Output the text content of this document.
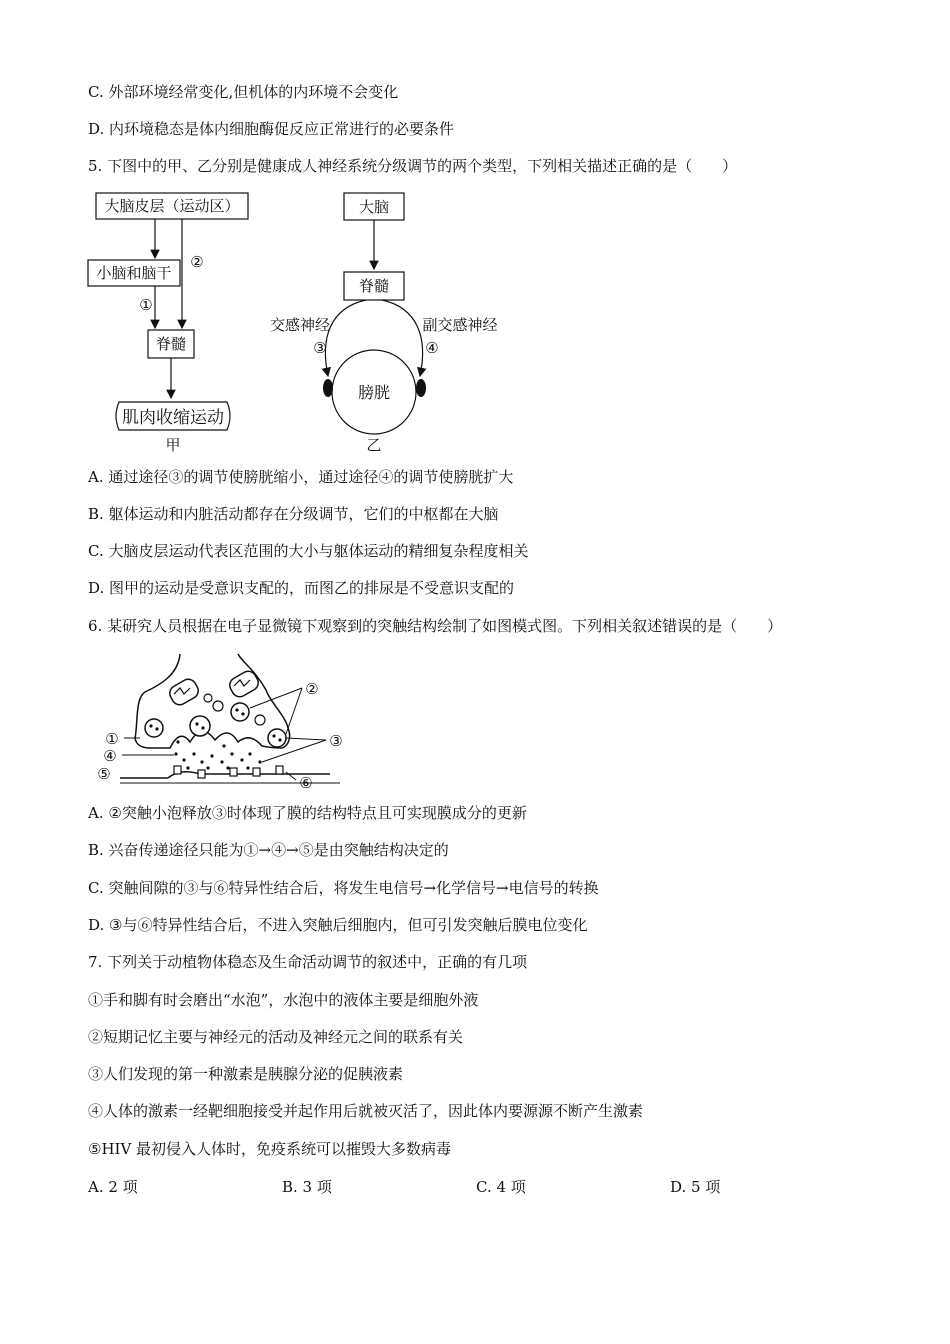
C. 外部环境经常变化,但机体的内环境不会变化
D. 内环境稳态是体内细胞酶促反应正常进行的必要条件
5. 下图中的甲、乙分别是健康成人神经系统分级调节的两个类型，下列相关描述正确的是（　　）
大脑皮层（运动区）
②
小脑和脑干
①
脊髓
肌肉收缩运动
甲
大脑
脊髓
交感神经	副交感神经
③	④
膀胱
乙
A. 通过途径③的调节使膀胱缩小，通过途径④的调节使膀胱扩大
B. 躯体运动和内脏活动都存在分级调节，它们的中枢都在大脑
C. 大脑皮层运动代表区范围的大小与躯体运动的精细复杂程度相关
D. 图甲的运动是受意识支配的，而图乙的排尿是不受意识支配的
6. 某研究人员根据在电子显微镜下观察到的突触结构绘制了如图模式图。下列相关叙述错误的是（　　）
①
②
③
④
⑤	⑥
A. ②突触小泡释放③时体现了膜的结构特点且可实现膜成分的更新
B. 兴奋传递途径只能为①→④→⑤是由突触结构决定的
C. 突触间隙的③与⑥特异性结合后，将发生电信号→化学信号→电信号的转换
D. ③与⑥特异性结合后，不进入突触后细胞内，但可引发突触后膜电位变化
7. 下列关于动植物体稳态及生命活动调节的叙述中，正确的有几项
①手和脚有时会磨出“水泡”，水泡中的液体主要是细胞外液
②短期记忆主要与神经元的活动及神经元之间的联系有关
③人们发现的第一种激素是胰腺分泌的促胰液素
④人体的激素一经靶细胞接受并起作用后就被灭活了，因此体内要源源不断产生激素
⑤HIV 最初侵入人体时，免疫系统可以摧毁大多数病毒
A. 2 项	B. 3 项	C. 4 项	D. 5 项
